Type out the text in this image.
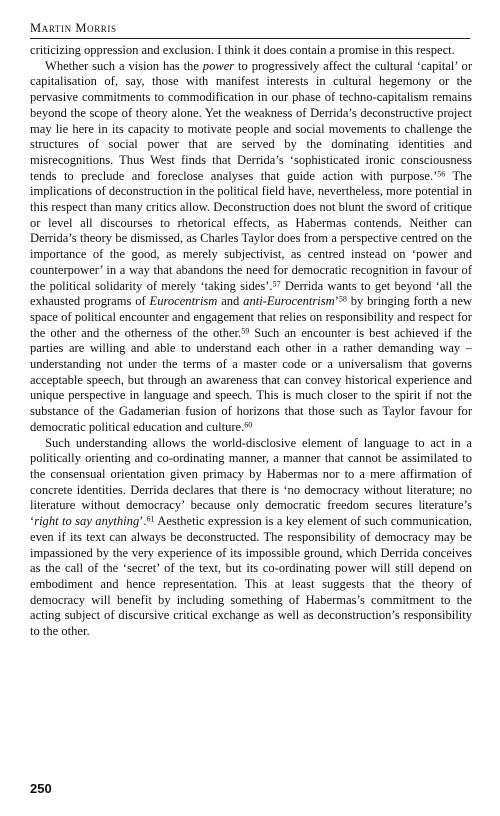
Martin Morris

criticizing oppression and exclusion. I think it does contain a promise in this respect.

Whether such a vision has the power to progressively affect the cultural ‘capital’ or capitalisation of, say, those with manifest interests in cultural hegemony or the pervasive commitments to commodification in our phase of techno-capitalism remains beyond the scope of theory alone. Yet the weakness of Derrida’s deconstructive project may lie here in its capacity to motivate people and social movements to challenge the structures of social power that are served by the dominating identities and misrecognitions. Thus West finds that Derrida’s ‘sophisticated ironic consciousness tends to preclude and foreclose analyses that guide action with purpose.’$^{56}$ The implications of deconstruction in the political field have, nevertheless, more potential in this respect than many critics allow. Deconstruction does not blunt the sword of critique or level all discourses to rhetorical effects, as Habermas contends. Neither can Derrida’s theory be dismissed, as Charles Taylor does from a perspective centred on the importance of the good, as merely subjectivist, as centred instead on ‘power and counterpower’ in a way that abandons the need for democratic recognition in favour of the political solidarity of merely ‘taking sides’.$^{57}$ Derrida wants to get beyond ‘all the exhausted programs of Eurocentrism and anti-Eurocentrism’$^{58}$ by bringing forth a new space of political encounter and engagement that relies on responsibility and respect for the other and the otherness of the other.$^{59}$ Such an encounter is best achieved if the parties are willing and able to understand each other in a rather demanding way – understanding not under the terms of a master code or a universalism that governs acceptable speech, but through an awareness that can convey historical experience and unique perspective in language and speech. This is much closer to the spirit if not the substance of the Gadamerian fusion of horizons that those such as Taylor favour for democratic political education and culture.$^{60}$

Such understanding allows the world-disclosive element of language to act in a politically orienting and co-ordinating manner, a manner that cannot be assimilated to the consensual orientation given primacy by Habermas nor to a mere affirmation of concrete identities. Derrida declares that there is ‘no democracy without literature; no literature without democracy’ because only democratic freedom secures literature’s ‘right to say anything’.$^{61}$ Aesthetic expression is a key element of such communication, even if its text can always be deconstructed. The responsibility of democracy may be impassioned by the very experience of its impossible ground, which Derrida conceives as the call of the ‘secret’ of the text, but its co-ordinating power will still depend on embodiment and hence representation. This at least suggests that the theory of democracy will benefit by including something of Habermas’s commitment to the acting subject of discursive critical exchange as well as deconstruction’s responsibility to the other.

250
